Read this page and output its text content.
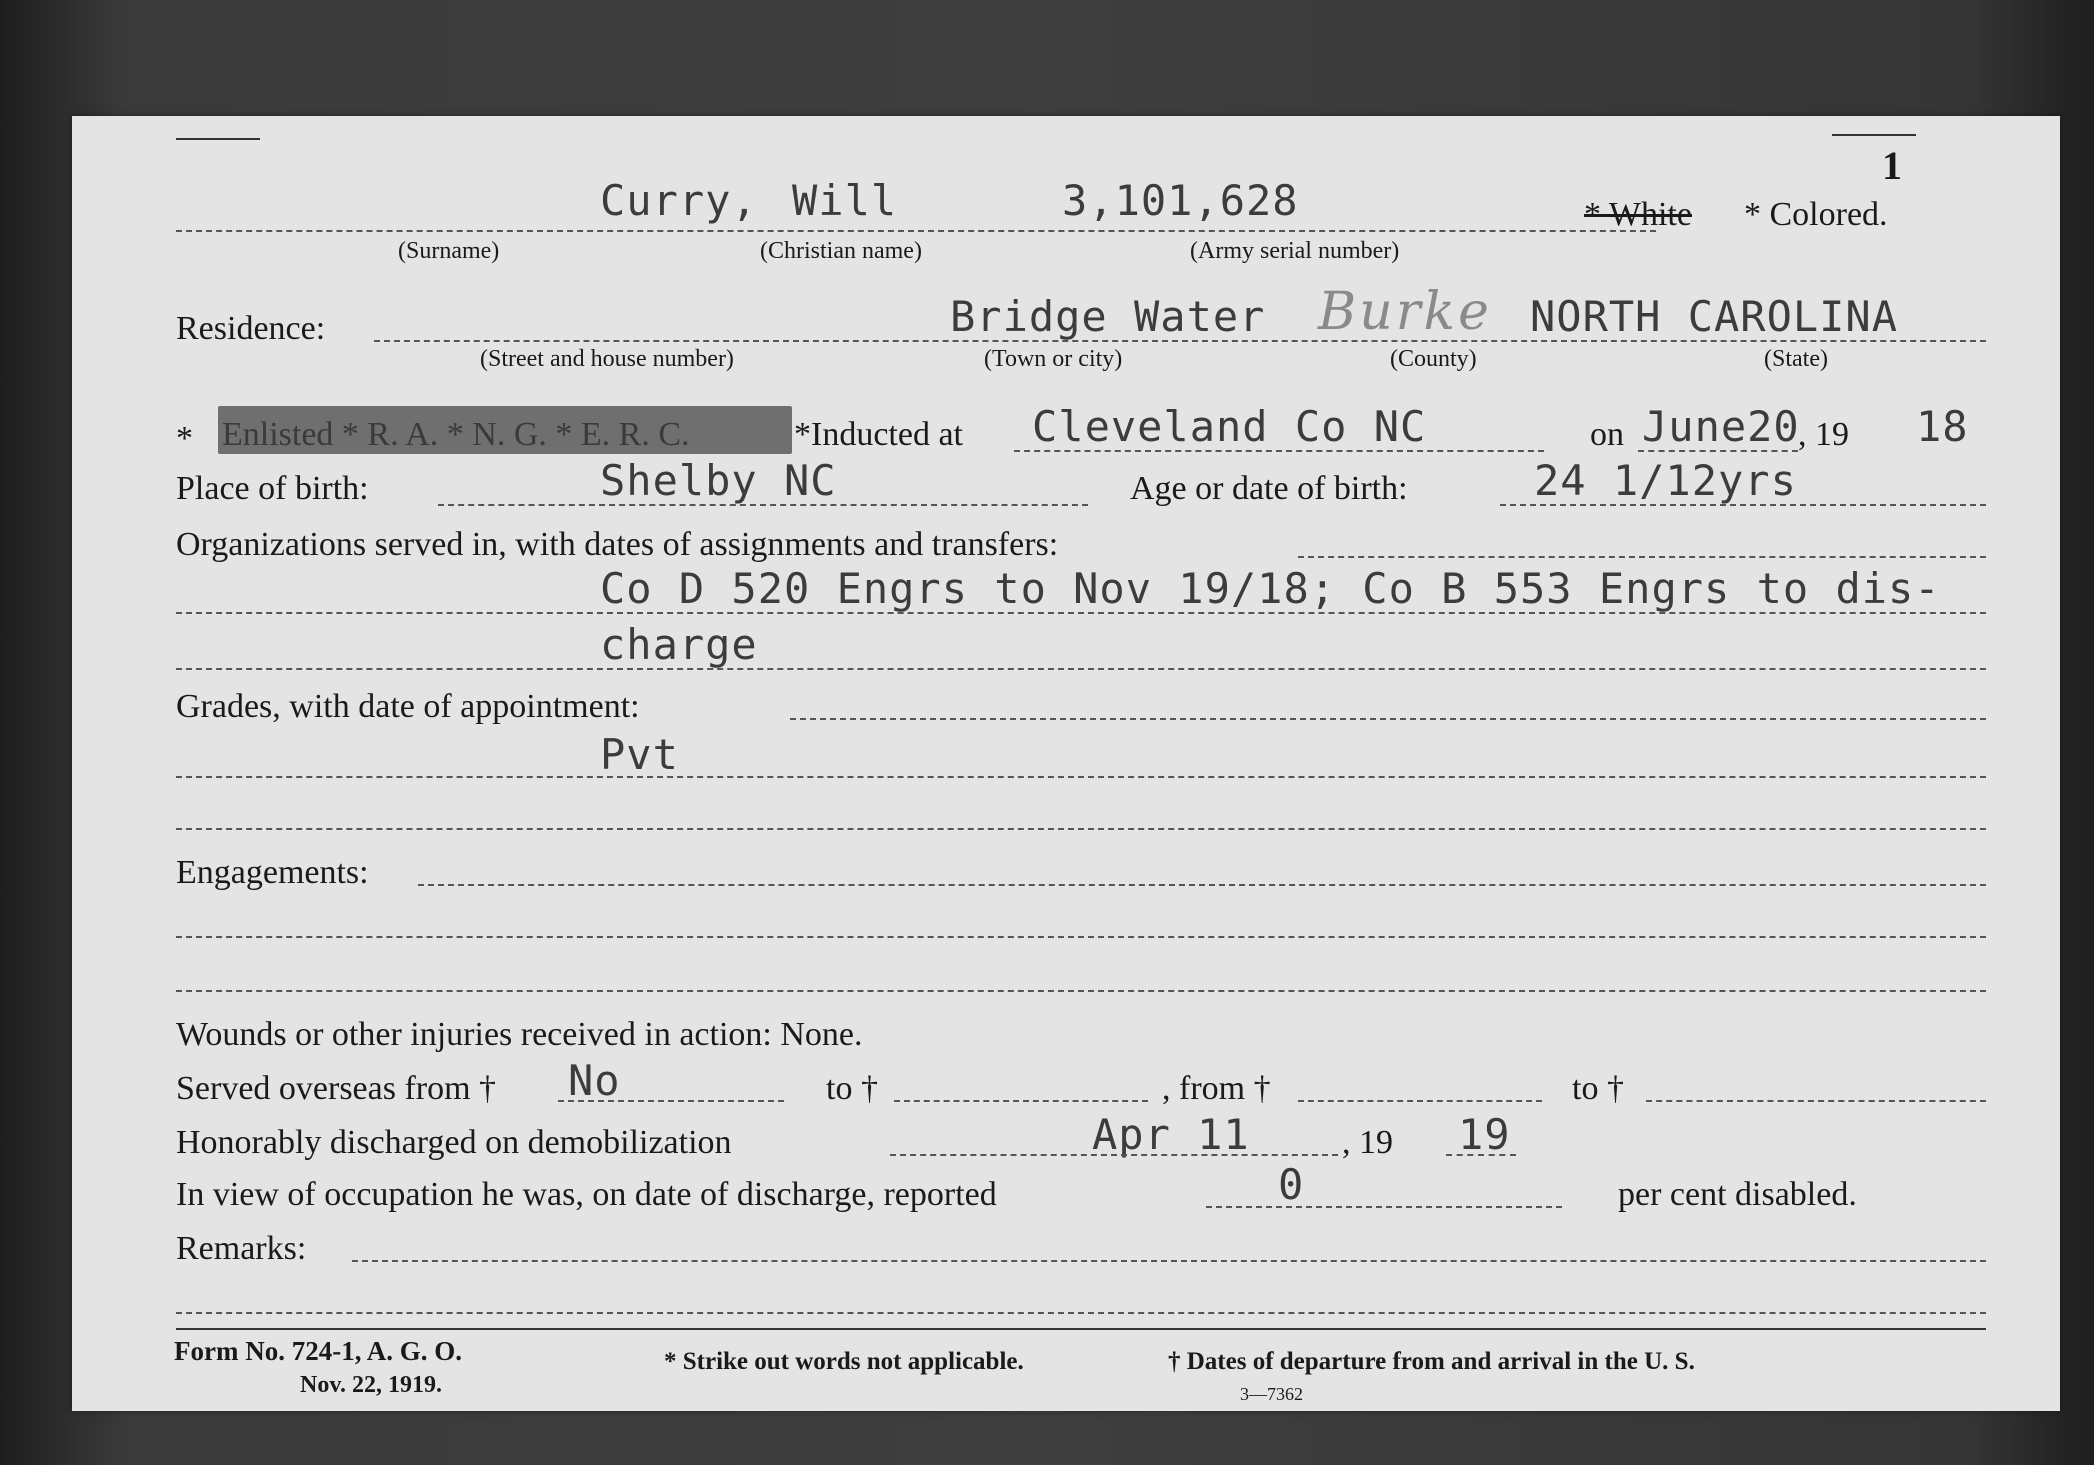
1
Curry, Will	3,101,628	* White * Colored.
(Surname)	(Christian name)	(Army serial number)
Residence:	Bridge Water Burke NORTH CAROLINA
(Street and house number)	(Town or city)	(County)	(State)
* Enlisted * R. A. * N. G. * E. R. C.	*Inducted at Cleveland Co NC	on June20
, 19 18
Place of birth:	Shelby NC	Age or date of birth:	24 1/12yrs
Organizations served in, with dates of assignments and transfers:
Co D 520 Engrs to Nov 19/18; Co B 553 Engrs to dis-
charge
Grades, with date of appointment:
Pvt
Engagements:
Wounds or other injuries received in action: None.
Served overseas from † No	to †	, from †	to †
Honorably discharged on demobilization	Apr 11	, 19 19
In view of occupation he was, on date of discharge, reported	0	per cent disabled.
Remarks:
Form No. 724-1, A. G. O.
Nov. 22, 1919.
* Strike out words not applicable.	† Dates of departure from and arrival in the U. S.
3—7362
